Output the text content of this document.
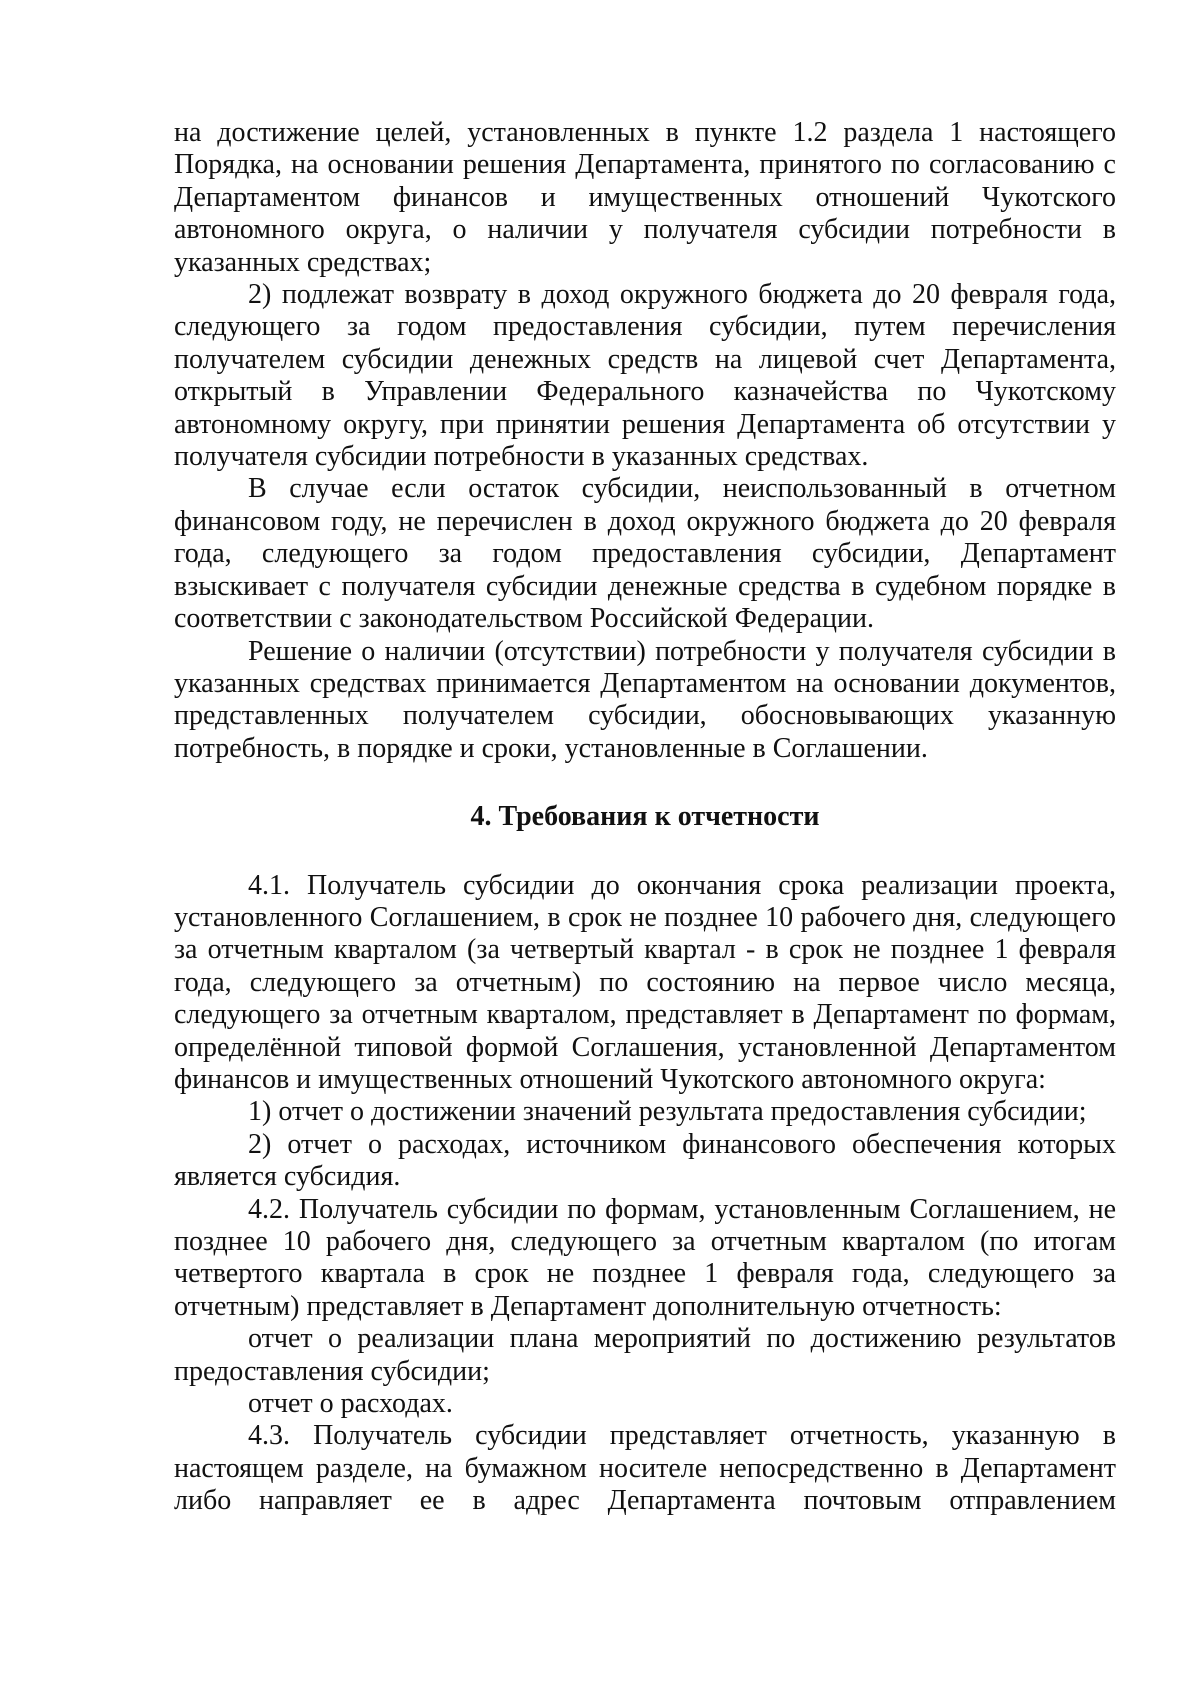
на достижение целей, установленных в пункте 1.2 раздела 1 настоящего Порядка, на основании решения Департамента, принятого по согласованию с Департаментом финансов и имущественных отношений Чукотского автономного округа, о наличии у получателя субсидии потребности в указанных средствах;

2) подлежат возврату в доход окружного бюджета до 20 февраля года, следующего за годом предоставления субсидии, путем перечисления получателем субсидии денежных средств на лицевой счет Департамента, открытый в Управлении Федерального казначейства по Чукотскому автономному округу, при принятии решения Департамента об отсутствии у получателя субсидии потребности в указанных средствах.

В случае если остаток субсидии, неиспользованный в отчетном финансовом году, не перечислен в доход окружного бюджета до 20 февраля года, следующего за годом предоставления субсидии, Департамент взыскивает с получателя субсидии денежные средства в судебном порядке в соответствии с законодательством Российской Федерации.

Решение о наличии (отсутствии) потребности у получателя субсидии в указанных средствах принимается Департаментом на основании документов, представленных получателем субсидии, обосновывающих указанную потребность, в порядке и сроки, установленные в Соглашении.

4. Требования к отчетности

4.1. Получатель субсидии до окончания срока реализации проекта, установленного Соглашением, в срок не позднее 10 рабочего дня, следующего за отчетным кварталом (за четвертый квартал - в срок не позднее 1 февраля года, следующего за отчетным) по состоянию на первое число месяца, следующего за отчетным кварталом, представляет в Департамент по формам, определённой типовой формой Соглашения, установленной Департаментом финансов и имущественных отношений Чукотского автономного округа:

1) отчет о достижении значений результата предоставления субсидии;

2) отчет о расходах, источником финансового обеспечения которых является субсидия.

4.2. Получатель субсидии по формам, установленным Соглашением, не позднее 10 рабочего дня, следующего за отчетным кварталом (по итогам четвертого квартала в срок не позднее 1 февраля года, следующего за отчетным) представляет в Департамент дополнительную отчетность:

отчет о реализации плана мероприятий по достижению результатов предоставления субсидии;

отчет о расходах.

4.3. Получатель субсидии представляет отчетность, указанную в настоящем разделе, на бумажном носителе непосредственно в Департамент либо направляет ее в адрес Департамента почтовым отправлением
